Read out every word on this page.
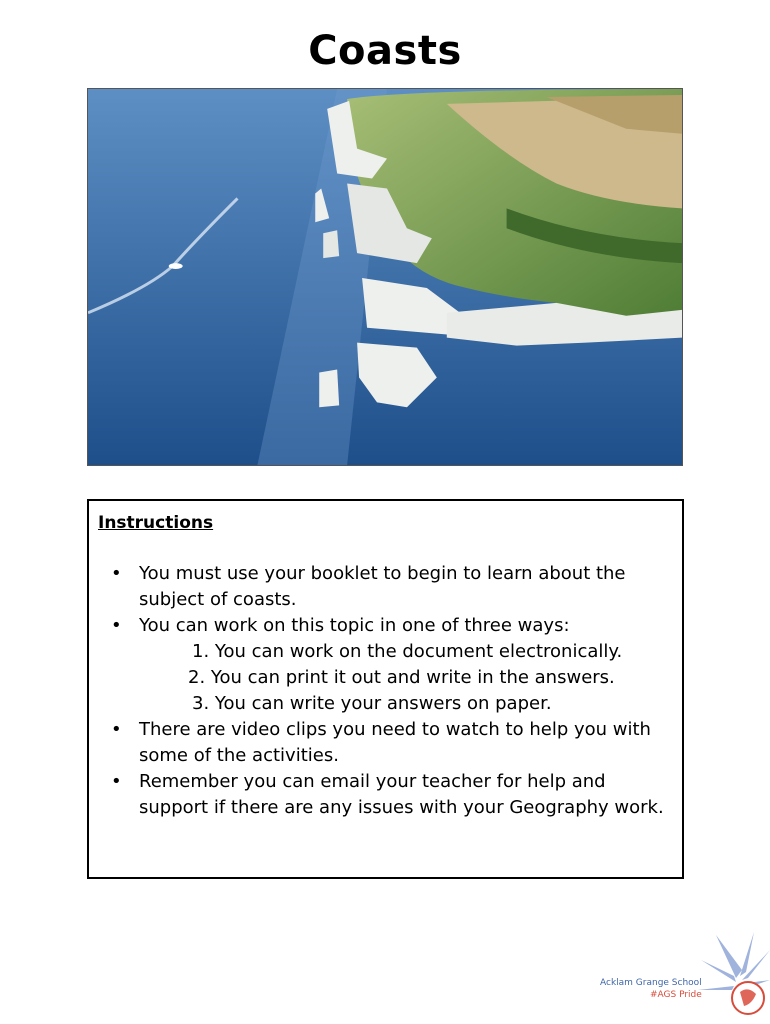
Coasts
Instructions
• You must use your booklet to begin to learn about the subject of coasts.
• You can work on this topic in one of three ways:
1. You can work on the document electronically.
2. You can print it out and write in the answers.
3. You can write your answers on paper.
• There are video clips you need to watch to help you with some of the activities.
• Remember you can email your teacher for help and support if there are any issues with your Geography work.
Acklam Grange School
#AGS Pride
